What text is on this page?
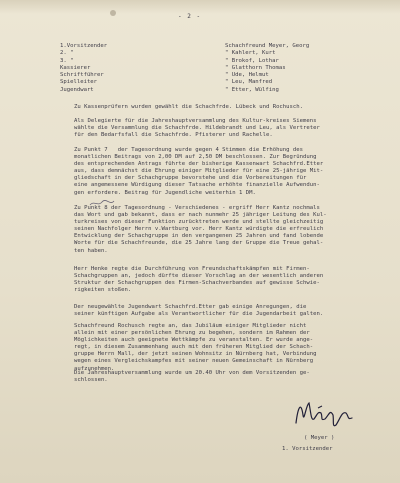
- 2 -
1.Vorsitzender	Schachfreund Meyer, Georg
2. "	" Kahlert, Kurt
3. "	" Brokof, Lothar
Kassierer	" Glatthorn Thomas
Schriftführer	" Ude, Helmut
Spielleiter	" Leu, Manfred
Jugendwart	" Etter, Wülfing

Zu Kassenprüfern wurden gewählt die Schachfrde. Lübeck und Rochusch.

Als Delegierte für die Jahreshauptversammlung des Kultur-kreises Siemens
wählte die Versammlung die Schachfrde. Hildebrandt und Leu, als Vertreter
für den Bedarfsfall die Schachfrde. Pfisterer und Rachelle.

Zu Punkt 7   der Tagesordnung wurde gegen 4 Stimmen die Erhöhung des
monatlichen Beitrags von 2,00 DM auf 2,50 DM beschlossen. Zur Begründung
des entsprechenden Antrags führte der bisherige Kassenwart Schachfrd.Etter
aus, dass demnächst die Ehrung einiger Mitglieder für eine 25-jährige Mit-
gliedschaft in der Schachgruppe bevorstehe und die Vorbereitungen für
eine angemessene Würdigung dieser Tatsache erhöhte finanzielle Aufwendun-
gen erfordere. Beitrag für Jugendliche weiterhin 1 DM.

Zu Punkt 8 der Tagesordnung - Verschiedenes - ergriff Herr Kantz nochmals
das Wort und gab bekannt, dass er nach nunmehr 25 jähriger Leitung des Kul-
turkreises von dieser Funktion zurücktreten werde und stellte gleichzeitig
seinen Nachfolger Herrn v.Wartburg vor. Herr Kantz würdigte die erfreulich
Entwicklung der Schachgruppe in den vergangenen 25 Jahren und fand lobende
Worte für die Schachfreunde, die 25 Jahre lang der Gruppe die Treue gehal-
ten haben.

Herr Henke regte die Durchführung von Freundschaftskämpfen mit Firmen-
Schachgruppen an, jedoch dürfte dieser Vorschlag an der wesentlich anderen
Struktur der Schachgruppen des Firmen-Schachverbandes auf gewisse Schwie-
rigkeiten stoßen.

Der neugewählte Jugendwart Schachfrd.Etter gab einige Anregungen, die
seiner künftigen Aufgabe als Verantwortlicher für die Jugendarbeit galten.

Schachfreund Rochusch regte an, das Jubiläum einiger Mitglieder nicht
allein mit einer persönlichen Ehrung zu begehen, sondern im Rahmen der
Möglichkeiten auch geeignete Wettkämpfe zu veranstalten. Er wurde ange-
regt, in diesem Zusammenhang auch mit den früheren Mitglied der Schach-
gruppe Herrn Mall, der jetzt seinen Wohnsitz in Nürnberg hat, Verbindung
wegen eines Vergleichskampfes mit seiner neuen Gemeinschaft in Nürnberg
aufzunehmen.

Die Jahreshauptversammlung wurde um 20.40 Uhr von dem Vorsitzenden ge-
schlossen.

( Meyer )
1. Vorsitzender
